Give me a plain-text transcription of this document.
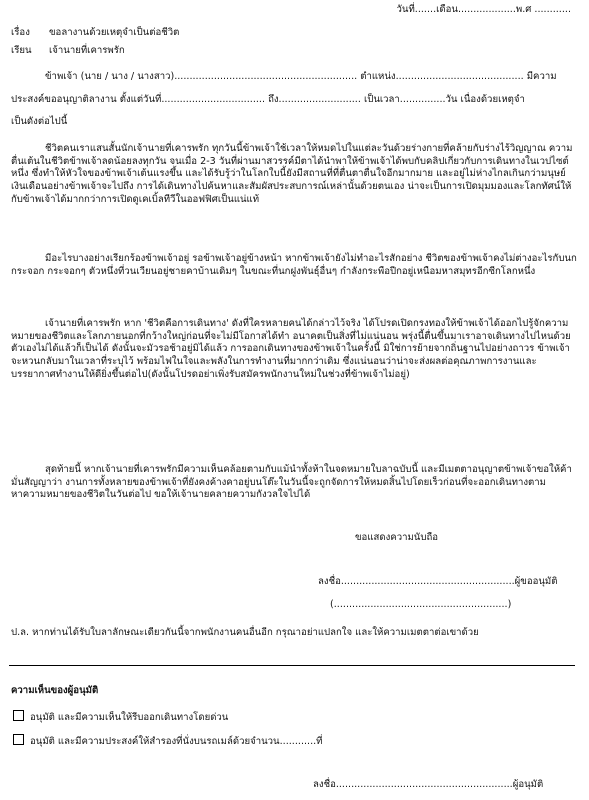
วันที่.......เดือน...................พ.ศ ............
เรื่อง ขอลางานด้วยเหตุจำเป็นต่อชีวิต
เรียน เจ้านายที่เคารพรัก
ข้าพเจ้า (นาย / นาง / นางสาว)............................................................ ตำแหน่ง.......................................... มีความ
ประสงค์ขออนุญาติลางาน ตั้งแต่วันที่.................................. ถึง........................... เป็นเวลา...............วัน เนื่องด้วยเหตุจำ
เป็นดังต่อไปนี้

ชีวิตคนเราแสนสั้นนักเจ้านายที่เคารพรัก ทุกวันนี้ข้าพเจ้าใช้เวลาให้หมดไปในแต่ละวันด้วยร่างกายที่คล้ายกับร่างไร้วิญญาณ ความตื่นเต้นในชีวิตข้าพเจ้าลดน้อยลงทุกวัน จนเมื่อ 2-3 วันที่ผ่านมาสวรรค์มีตาได้นำพาให้ข้าพเจ้าได้พบกับคลิปเกี่ยวกับการเดินทางในเวปไซต์หนึ่ง ซึ่งทำให้หัวใจของข้าพเจ้าเต้นแรงขึ้น และได้รับรู้ว่าในโลกใบนี้ยังมีสถานที่ที่ตื่นตาตื่นใจอีกมากมาย และอยู่ไม่ห่างไกลเกินกว่ามนุษย์เงินเดือนอย่างข้าพเจ้าจะไปถึง การได้เดินทางไปค้นหาและสัมผัสประสบการณ์เหล่านั้นด้วยตนเอง น่าจะเป็นการเปิดมุมมองและโลกทัศน์ให้กับข้าพเจ้าได้มากกว่าการเปิดดูเคเบิ้ลทีวีในออฟฟิศเป็นแน่แท้

มีอะไรบางอย่างเรียกร้องข้าพเจ้าอยู่ รอข้าพเจ้าอยู่ข้างหน้า หากข้าพเจ้ายังไม่ทำอะไรสักอย่าง ชีวิตของข้าพเจ้าคงไม่ต่างอะไรกับนกกระจอก กระจอกๆ ตัวหนึ่งที่วนเวียนอยู่ชายคาบ้านเดิมๆ ในขณะที่นกฝูงพันธุ์อื่นๆ กำลังกระพือปีกอยู่เหนือมหาสมุทรอีกซีกโลกหนึ่ง

เจ้านายที่เคารพรัก หาก 'ชีวิตคือการเดินทาง' ดังที่ใครหลายคนได้กล่าวไว้จริง ได้โปรดเปิดกรงทองให้ข้าพเจ้าได้ออกไปรู้จักความหมายของชีวิตและโลกภายนอกที่กว้างใหญ่ก่อนที่จะไม่มีโอกาสได้ทำ อนาคตเป็นสิ่งที่ไม่แน่นอน พรุ่งนี้ตื่นขึ้นมาเราอาจเดินทางไปไหนด้วยตัวเองไม่ได้แล้วก็เป็นได้ ดังนั้นจะมัวรอช้าอยู่มิได้แล้ว การออกเดินทางของข้าพเจ้าในครั้งนี้ มิใช่การย้ายจากถิ่นฐานไปอย่างถาวร ข้าพเจ้าจะหวนกลับมาในเวลาที่ระบุไว้ พร้อมไฟในใจและพลังในการทำงานที่มากกว่าเดิม ซึ่งแน่นอนว่าน่าจะส่งผลต่อคุณภาพการงานและบรรยากาศทำงานให้ดียิ่งขึ้นต่อไป(ดังนั้นโปรดอย่าเพิ่งรับสมัครพนักงานใหม่ในช่วงที่ข้าพเจ้าไม่อยู่)

สุดท้ายนี้ หากเจ้านายที่เคารพรักมีความเห็นคล้อยตามกับแม้นำทั้งห้าในจดหมายใบลาฉบับนี้ และมีเมตตาอนุญาตข้าพเจ้าขอให้ค้ามั่นสัญญาว่า งานการทั้งหลายของข้าพเจ้าที่ยังคงค้างคาอยู่บนโต๊ะในวันนี้จะถูกจัดการให้หมดสิ้นไปโดยเร็วก่อนที่จะออกเดินทางตามหาความหมายของชีวิตในวันต่อไป ขอให้เจ้านายคลายความกังวลใจไปได้

ขอแสดงความนับถือ
ลงชื่อ.........................................................ผู้ขออนุมัติ
(.........................................................)
ป.ล. หากท่านได้รับใบลาลักษณะเดียวกันนี้จากพนักงานคนอื่นอีก กรุณาอย่าแปลกใจ และให้ความเมตตาต่อเขาด้วย
ความเห็นของผู้อนุมัติ
อนุมัติ และมีความเห็นให้รีบออกเดินทางโดยด่วน
อนุมัติ และมีความประสงค์ให้สำรองที่นั่งบนรถเมล์ด้วยจำนวน............ที่
ลงชื่อ..........................................................ผู้อนุมัติ
